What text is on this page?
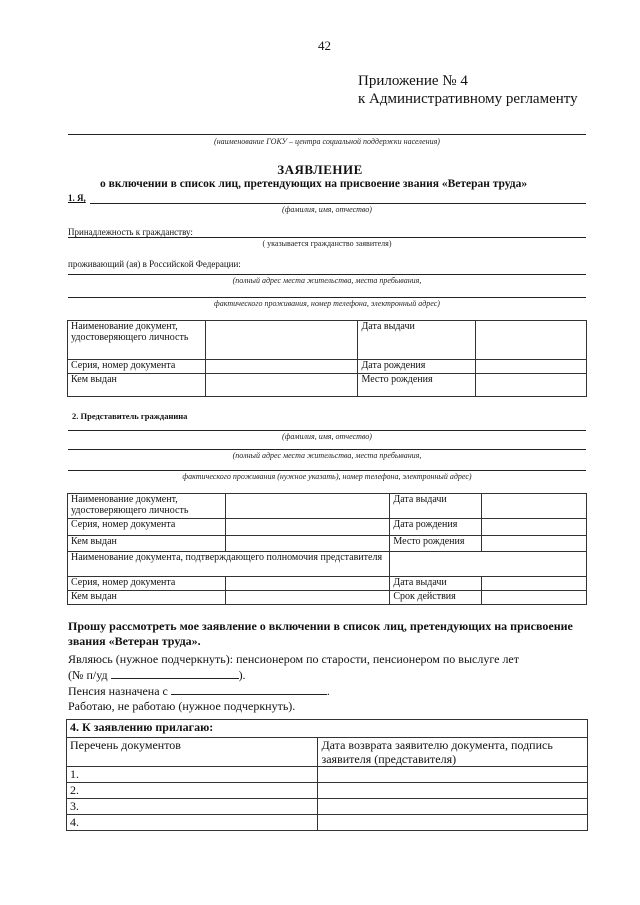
42
Приложение № 4
к Административному регламенту
(наименование ГОКУ – центра социальной поддержки населения)
ЗАЯВЛЕНИЕ
о включении в список лиц, претендующих на присвоение звания «Ветеран труда»
1. Я,
(фамилия, имя, отчество)
Принадлежность к гражданству:
( указывается гражданство заявителя)
проживающий (ая) в Российской Федерации:
(полный адрес места жительства, места пребывания,
фактического проживания, номер телефона, электронный адрес)
Наименование документ, удостоверяющего личность		Дата выдачи	
Серия, номер документа		Дата рождения	
Кем выдан		Место рождения	
2. Представитель гражданина
(фамилия, имя, отчество)
(полный адрес места жительства, места пребывания,
фактического проживания (нужное указать), номер телефона, электронный адрес)
Наименование документ, удостоверяющего личность		Дата выдачи	
Серия, номер документа		Дата рождения	
Кем выдан		Место рождения	
Наименование документа, подтверждающего полномочия представителя			
Серия, номер документа		Дата выдачи	
Кем выдан		Срок действия	
Прошу рассмотреть мое заявление о включении в список лиц, претендующих на присвоение звания «Ветеран труда».
Являюсь (нужное подчеркнуть): пенсионером по старости, пенсионером по выслуге лет
(№ п/уд	).
Пенсия назначена с	.
Работаю, не работаю (нужное подчеркнуть).
4. К заявлению прилагаю:	
Перечень документов	Дата возврата заявителю документа, подпись заявителя (представителя)
1.	
2.	
3.	
4.	
